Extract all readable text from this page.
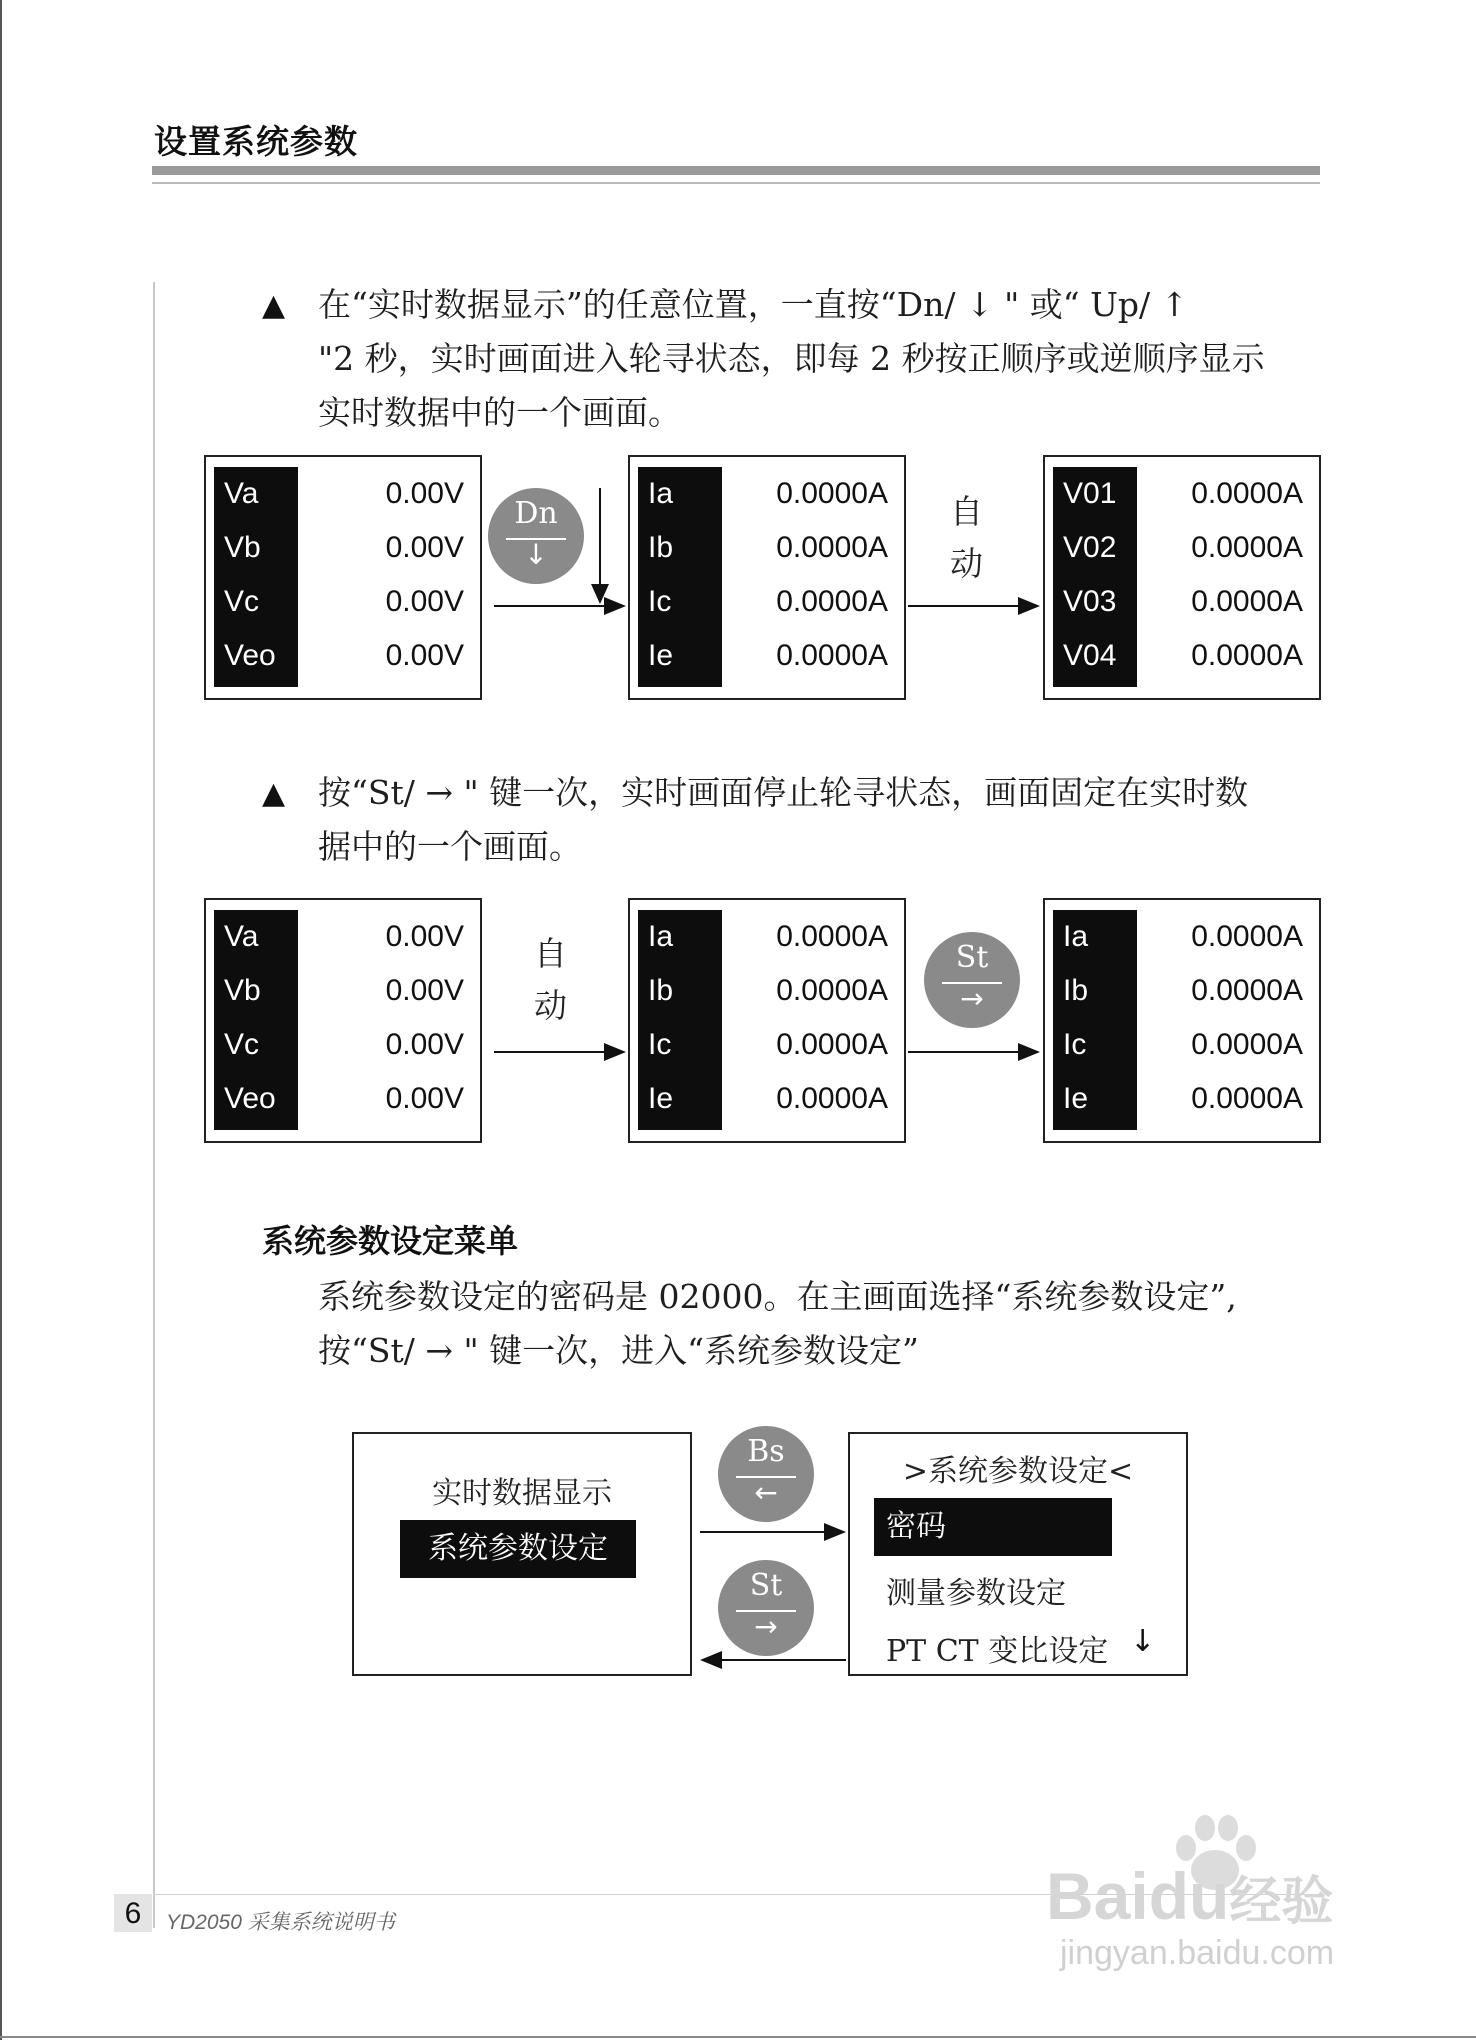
设置系统参数
▲ 在“实时数据显示”的任意位置，一直按“Dn/ ↓ " 或“ Up/ ↑
"2 秒，实时画面进入轮寻状态，即每 2 秒按正顺序或逆顺序显示
实时数据中的一个画面。
Va	0.00V
Vb	0.00V
Vc	0.00V
Veo	0.00V
Dn
↓
Ia	0.0000A
Ib	0.0000A
Ic	0.0000A
Ie	0.0000A
自
动
V01 0.0000A
V02 0.0000A
V03 0.0000A
V04 0.0000A
▲ 按“St/ → " 键一次，实时画面停止轮寻状态，画面固定在实时数
据中的一个画面。
Va	0.00V
Vb	0.00V
Vc	0.00V
Veo	0.00V
自
动
Ia	0.0000A
Ib	0.0000A
Ic	0.0000A
Ie	0.0000A
St
→
Ia	0.0000A
Ib	0.0000A
Ic	0.0000A
Ie	0.0000A
系统参数设定菜单
系统参数设定的密码是 02000。在主画面选择“系统参数设定”,
按“St/ → " 键一次，进入“系统参数设定”
实时数据显示
系统参数设定
Bs
←
St
→
>系统参数设定<
密码
测量参数设定
PT CT 变比设定 ↓
6	YD2050 采集系统说明书	Baidu经验
jingyan.baidu.com
